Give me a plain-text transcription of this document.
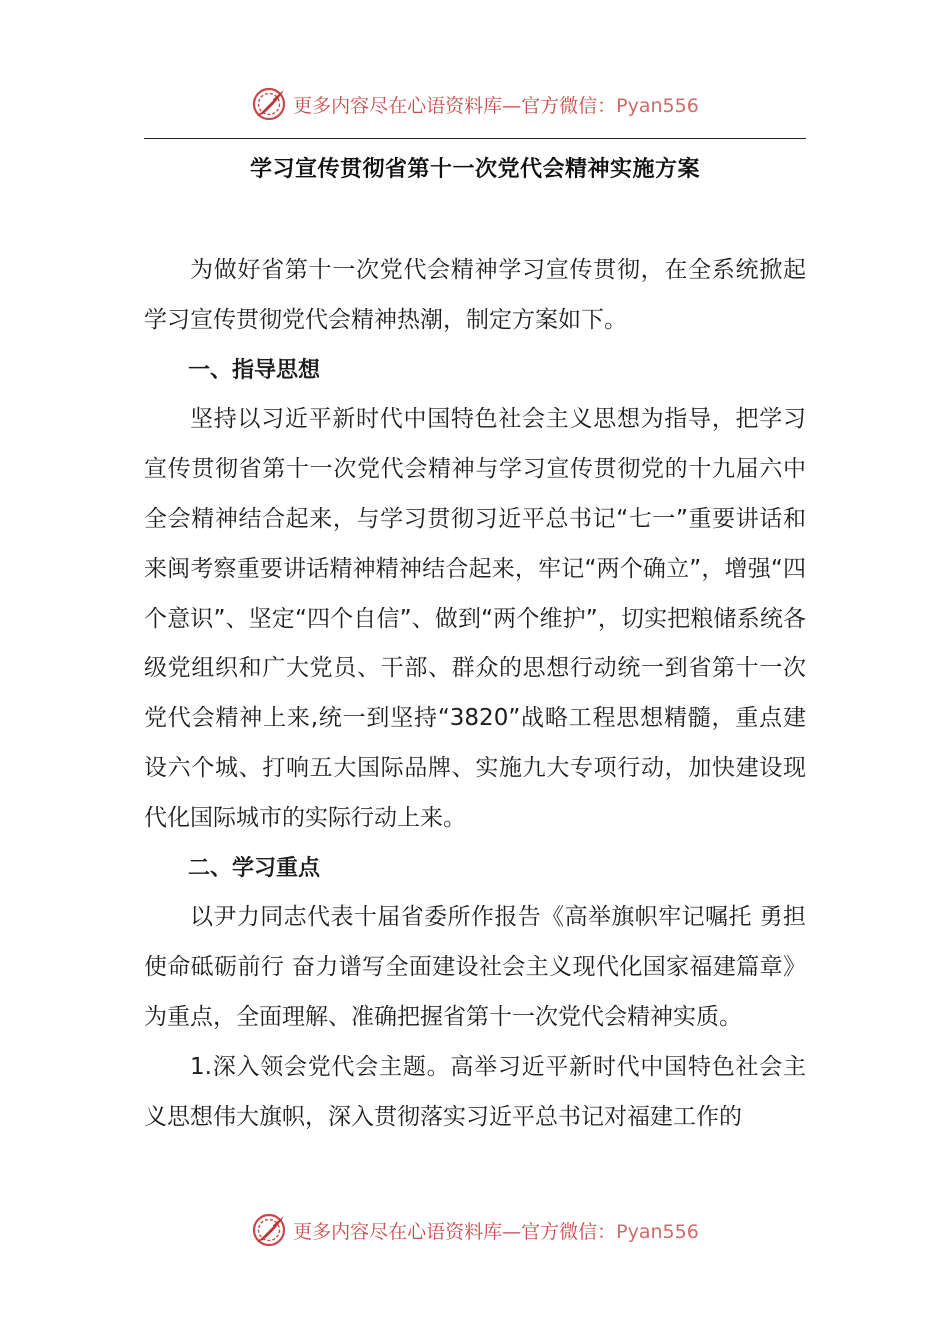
更多内容尽在心语资料库—官方微信：Pyan556
学习宣传贯彻省第十一次党代会精神实施方案

为做好省第十一次党代会精神学习宣传贯彻，在全系统掀起学习宣传贯彻党代会精神热潮，制定方案如下。

一、指导思想

坚持以习近平新时代中国特色社会主义思想为指导，把学习宣传贯彻省第十一次党代会精神与学习宣传贯彻党的十九届六中全会精神结合起来，与学习贯彻习近平总书记“七一”重要讲话和来闽考察重要讲话精神精神结合起来，牢记“两个确立”，增强“四个意识”、坚定“四个自信”、做到“两个维护”，切实把粮储系统各级党组织和广大党员、干部、群众的思想行动统一到省第十一次党代会精神上来,统一到坚持“3820”战略工程思想精髓，重点建设六个城、打响五大国际品牌、实施九大专项行动，加快建设现代化国际城市的实际行动上来。

二、学习重点

以尹力同志代表十届省委所作报告《高举旗帜牢记嘱托 勇担使命砥砺前行 奋力谱写全面建设社会主义现代化国家福建篇章》为重点，全面理解、准确把握省第十一次党代会精神实质。

1.深入领会党代会主题。高举习近平新时代中国特色社会主义思想伟大旗帜，深入贯彻落实习近平总书记对福建工作的

更多内容尽在心语资料库—官方微信：Pyan556
